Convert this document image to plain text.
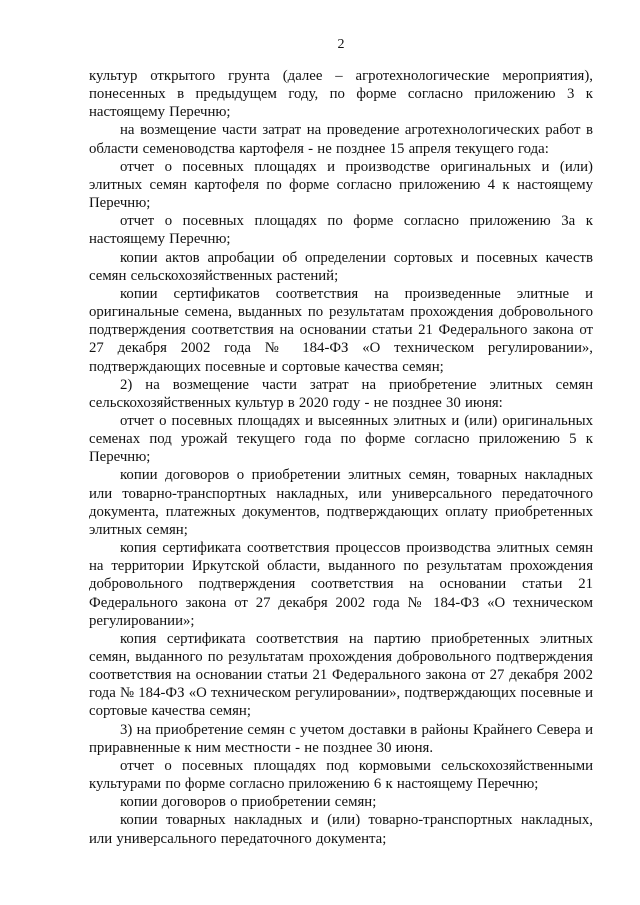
2

культур открытого грунта (далее – агротехнологические мероприятия), понесенных в предыдущем году, по форме согласно приложению 3 к настоящему Перечню;

на возмещение части затрат на проведение агротехнологических работ в области семеноводства картофеля - не позднее 15 апреля текущего года:

отчет о посевных площадях и производстве оригинальных и (или) элитных семян картофеля по форме согласно приложению 4 к настоящему Перечню;

отчет о посевных площадях по форме согласно приложению 3а к настоящему Перечню;

копии актов апробации об определении сортовых и посевных качеств семян сельскохозяйственных растений;

копии сертификатов соответствия на произведенные элитные и оригинальные семена, выданных по результатам прохождения добровольного подтверждения соответствия на основании статьи 21 Федерального закона от 27 декабря 2002 года № 184-ФЗ «О техническом регулировании», подтверждающих посевные и сортовые качества семян;

2) на возмещение части затрат на приобретение элитных семян сельскохозяйственных культур в 2020 году - не позднее 30 июня:

отчет о посевных площадях и высеянных элитных и (или) оригинальных семенах под урожай текущего года по форме согласно приложению 5 к Перечню;

копии договоров о приобретении элитных семян, товарных накладных или товарно-транспортных накладных, или универсального передаточного документа, платежных документов, подтверждающих оплату приобретенных элитных семян;

копия сертификата соответствия процессов производства элитных семян на территории Иркутской области, выданного по результатам прохождения добровольного подтверждения соответствия на основании статьи 21 Федерального закона от 27 декабря 2002 года № 184-ФЗ «О техническом регулировании»;

копия сертификата соответствия на партию приобретенных элитных семян, выданного по результатам прохождения добровольного подтверждения соответствия на основании статьи 21 Федерального закона от 27 декабря 2002 года № 184-ФЗ «О техническом регулировании», подтверждающих посевные и сортовые качества семян;

3) на приобретение семян с учетом доставки в районы Крайнего Севера и приравненные к ним местности - не позднее 30 июня.

отчет о посевных площадях под кормовыми сельскохозяйственными культурами по форме согласно приложению 6 к настоящему Перечню;

копии договоров о приобретении семян;

копии товарных накладных и (или) товарно-транспортных накладных, или универсального передаточного документа;
